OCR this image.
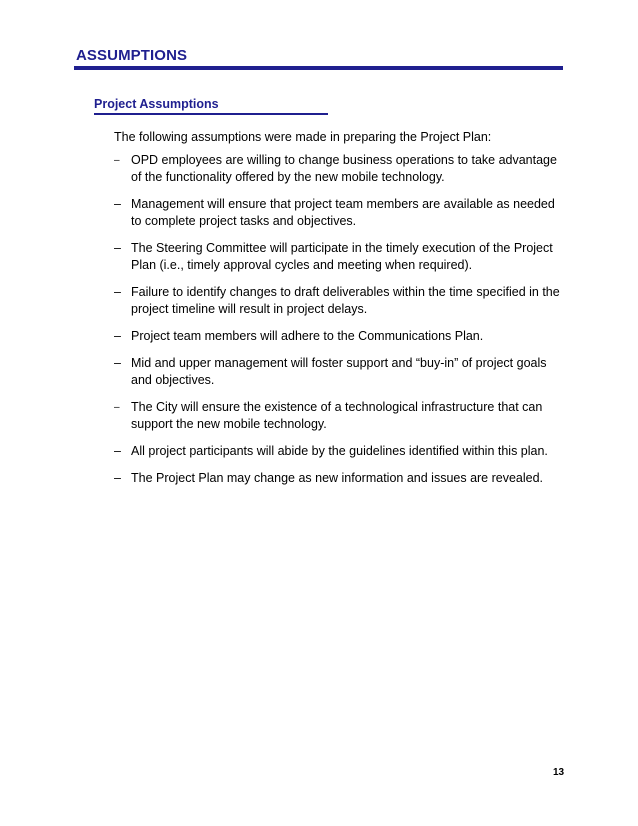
ASSUMPTIONS
Project Assumptions

The following assumptions were made in preparing the Project Plan:

– OPD employees are willing to change business operations to take advantage of the functionality offered by the new mobile technology.
– Management will ensure that project team members are available as needed to complete project tasks and objectives.
– The Steering Committee will participate in the timely execution of the Project Plan (i.e., timely approval cycles and meeting when required).
– Failure to identify changes to draft deliverables within the time specified in the project timeline will result in project delays.
– Project team members will adhere to the Communications Plan.
– Mid and upper management will foster support and “buy-in” of project goals and objectives.
– The City will ensure the existence of a technological infrastructure that can support the new mobile technology.
– All project participants will abide by the guidelines identified within this plan.
– The Project Plan may change as new information and issues are revealed.
13
